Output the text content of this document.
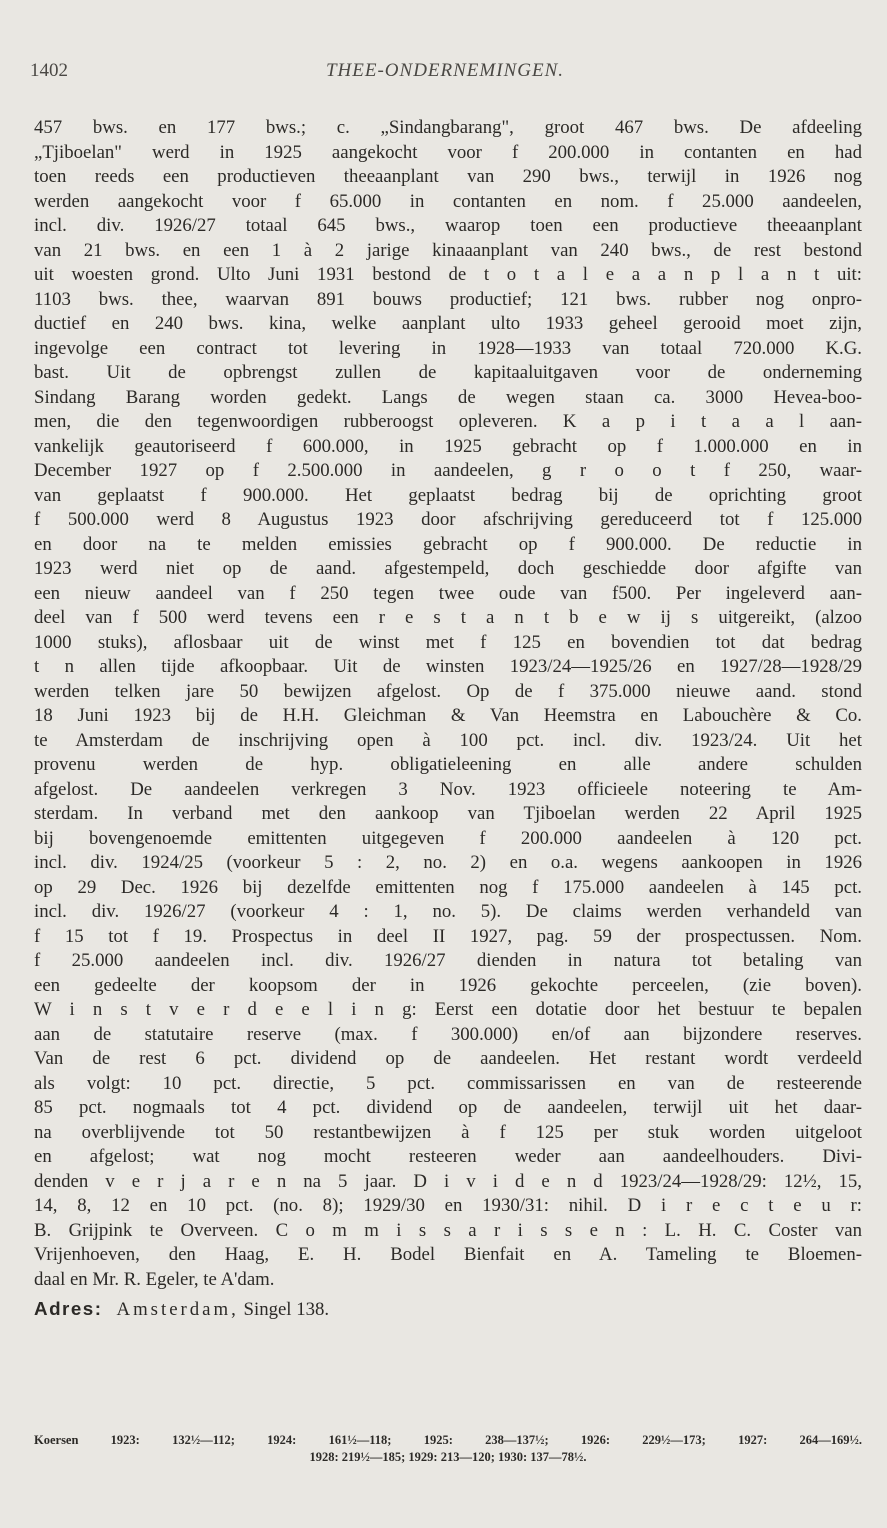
1402	THEE-ONDERNEMINGEN.
457 bws. en 177 bws.; c. „Sindangbarang", groot 467 bws. De afdeeling
„Tjiboelan" werd in 1925 aangekocht voor f 200.000 in contanten en had
toen reeds een productieven theeaanplant van 290 bws., terwijl in 1926 nog
werden aangekocht voor f 65.000 in contanten en nom. f 25.000 aandeelen,
incl. div. 1926/27 totaal 645 bws., waarop toen een productieve theeaanplant
van 21 bws. en een 1 à 2 jarige kinaaanplant van 240 bws., de rest bestond
uit woesten grond. Ulto Juni 1931 bestond de t o t a l e a a n p l a n t uit:
1103 bws. thee, waarvan 891 bouws productief; 121 bws. rubber nog onpro-
ductief en 240 bws. kina, welke aanplant ulto 1933 geheel gerooid moet zijn,
ingevolge een contract tot levering in 1928—1933 van totaal 720.000 K.G.
bast. Uit de opbrengst zullen de kapitaaluitgaven voor de onderneming
Sindang Barang worden gedekt. Langs de wegen staan ca. 3000 Hevea-boo-
men, die den tegenwoordigen rubberoogst opleveren. K a p i t a a l aan-
vankelijk geautoriseerd f 600.000, in 1925 gebracht op f 1.000.000 en in
December 1927 op f 2.500.000 in aandeelen, g r o o t f 250, waar-
van geplaatst f 900.000. Het geplaatst bedrag bij de oprichting groot
f 500.000 werd 8 Augustus 1923 door afschrijving gereduceerd tot f 125.000
en door na te melden emissies gebracht op f 900.000. De reductie in
1923 werd niet op de aand. afgestempeld, doch geschiedde door afgifte van
een nieuw aandeel van f 250 tegen twee oude van f500. Per ingeleverd aan-
deel van f 500 werd tevens een r e s t a n t b e w ij s uitgereikt, (alzoo
1000 stuks), aflosbaar uit de winst met f 125 en bovendien tot dat bedrag
t n allen tijde afkoopbaar. Uit de winsten 1923/24—1925/26 en 1927/28—1928/29
werden telken jare 50 bewijzen afgelost. Op de f 375.000 nieuwe aand. stond
18 Juni 1923 bij de H.H. Gleichman & Van Heemstra en Labouchère & Co.
te Amsterdam de inschrijving open à 100 pct. incl. div. 1923/24. Uit het
provenu werden de hyp. obligatieleening en alle andere schulden
afgelost. De aandeelen verkregen 3 Nov. 1923 officieele noteering te Am-
sterdam. In verband met den aankoop van Tjiboelan werden 22 April 1925
bij bovengenoemde emittenten uitgegeven f 200.000 aandeelen à 120 pct.
incl. div. 1924/25 (voorkeur 5 : 2, no. 2) en o.a. wegens aankoopen in 1926
op 29 Dec. 1926 bij dezelfde emittenten nog f 175.000 aandeelen à 145 pct.
incl. div. 1926/27 (voorkeur 4 : 1, no. 5). De claims werden verhandeld van
f 15 tot f 19. Prospectus in deel II 1927, pag. 59 der prospectussen. Nom.
f 25.000 aandeelen incl. div. 1926/27 dienden in natura tot betaling van
een gedeelte der koopsom der in 1926 gekochte perceelen, (zie boven).
W i n s t v e r d e e l i n g: Eerst een dotatie door het bestuur te bepalen
aan de statutaire reserve (max. f 300.000) en/of aan bijzondere reserves.
Van de rest 6 pct. dividend op de aandeelen. Het restant wordt verdeeld
als volgt: 10 pct. directie, 5 pct. commissarissen en van de resteerende
85 pct. nogmaals tot 4 pct. dividend op de aandeelen, terwijl uit het daar-
na overblijvende tot 50 restantbewijzen à f 125 per stuk worden uitgeloot
en afgelost; wat nog mocht resteeren weder aan aandeelhouders. Divi-
denden v e r j a r e n na 5 jaar. D i v i d e n d 1923/24—1928/29: 12½, 15,
14, 8, 12 en 10 pct. (no. 8); 1929/30 en 1930/31: nihil. D i r e c t e u r:
B. Grijpink te Overveen. C o m m i s s a r i s s e n : L. H. C. Coster van
Vrijenhoeven, den Haag, E. H. Bodel Bienfait en A. Tameling te Bloemen-
daal en Mr. R. Egeler, te A'dam.
Adres: Amsterdam, Singel 138.
Koersen 1923: 132½—112; 1924: 161½—118; 1925: 238—137½; 1926: 229½—173; 1927: 264—169½.
1928: 219½—185; 1929: 213—120; 1930: 137—78½.
